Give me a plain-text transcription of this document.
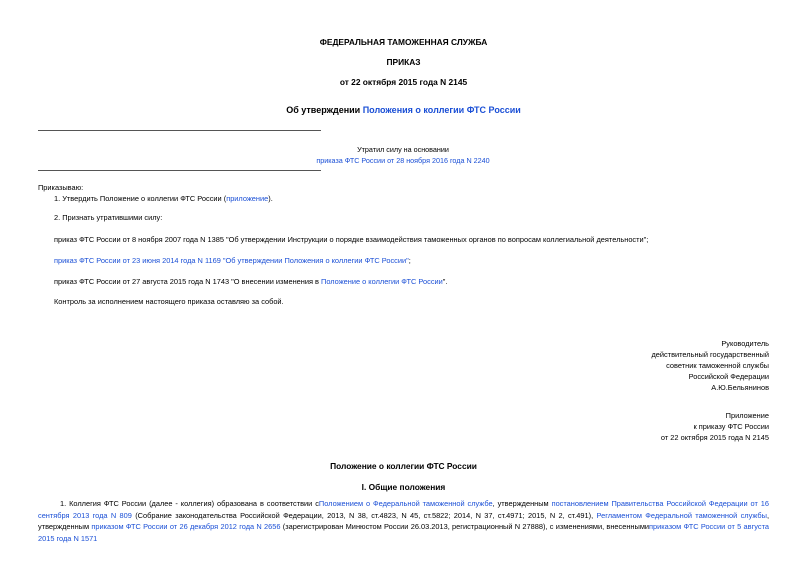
ФЕДЕРАЛЬНАЯ ТАМОЖЕННАЯ СЛУЖБА
ПРИКАЗ
от 22 октября 2015 года N 2145
Об утверждении Положения о коллегии ФТС России
Утратил силу на основании
приказа ФТС России от 28 ноября 2016 года N 2240
Приказываю:
1. Утвердить Положение о коллегии ФТС России (приложение).
2. Признать утратившими силу:
приказ ФТС России от 8 ноября 2007 года N 1385 "Об утверждении Инструкции о порядке взаимодействия таможенных органов по вопросам коллегиальной деятельности";
приказ ФТС России от 23 июня 2014 года N 1169 "Об утверждении Положения о коллегии ФТС России";
приказ ФТС России от 27 августа 2015 года N 1743 "О внесении изменения в Положение о коллегии ФТС России".
Контроль за исполнением настоящего приказа оставляю за собой.
Руководитель
действительный государственный
советник таможенной службы
Российской Федерации
А.Ю.Бельянинов
Приложение
к приказу ФТС России
от 22 октября 2015 года N 2145
Положение о коллегии ФТС России
I. Общие положения
1. Коллегия ФТС России (далее - коллегия) образована в соответствии сПоложением о Федеральной таможенной службе, утвержденным постановлением Правительства Российской Федерации от 16 сентября 2013 года N 809 (Собрание законодательства Российской Федерации, 2013, N 38, ст.4823, N 45, ст.5822; 2014, N 37, ст.4971; 2015, N 2, ст.491), Регламентом Федеральной таможенной службы, утвержденным приказом ФТС России от 26 декабря 2012 года N 2656 (зарегистрирован Минюстом России 26.03.2013, регистрационный N 27888), с изменениями, внесеннымиприказом ФТС России от 5 августа 2015 года N 1571
